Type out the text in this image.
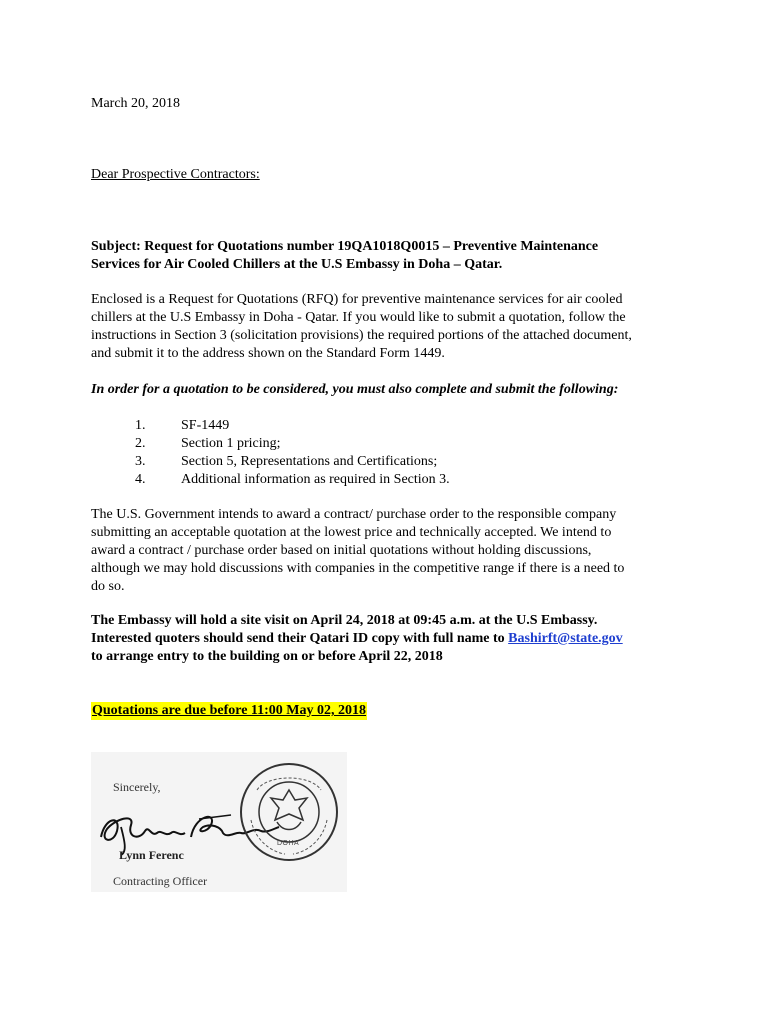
March 20, 2018
Dear Prospective Contractors:
Subject: Request for Quotations number 19QA1018Q0015 – Preventive Maintenance
Services for Air Cooled Chillers at the U.S Embassy in Doha – Qatar.
Enclosed is a Request for Quotations (RFQ) for preventive maintenance services for air cooled
chillers at the U.S Embassy in Doha - Qatar. If you would like to submit a quotation, follow the
instructions in Section 3 (solicitation provisions) the required portions of the attached document,
and submit it to the address shown on the Standard Form 1449.
In order for a quotation to be considered, you must also complete and submit the following:
1.	SF-1449
2.	Section 1 pricing;
3.	Section 5, Representations and Certifications;
4.	Additional information as required in Section 3.
The U.S. Government intends to award a contract/ purchase order to the responsible company
submitting an acceptable quotation at the lowest price and technically accepted. We intend to
award a contract / purchase order based on initial quotations without holding discussions,
although we may hold discussions with companies in the competitive range if there is a need to
do so.
The Embassy will hold a site visit on April 24, 2018 at 09:45 a.m. at the U.S Embassy.
Interested quoters should send their Qatari ID copy with full name to Bashirft@state.gov
to arrange entry to the building on or before April 22, 2018
Quotations are due before 11:00 May 02, 2018
Sincerely,
DOHA
Lynn Ferenc
Contracting Officer
